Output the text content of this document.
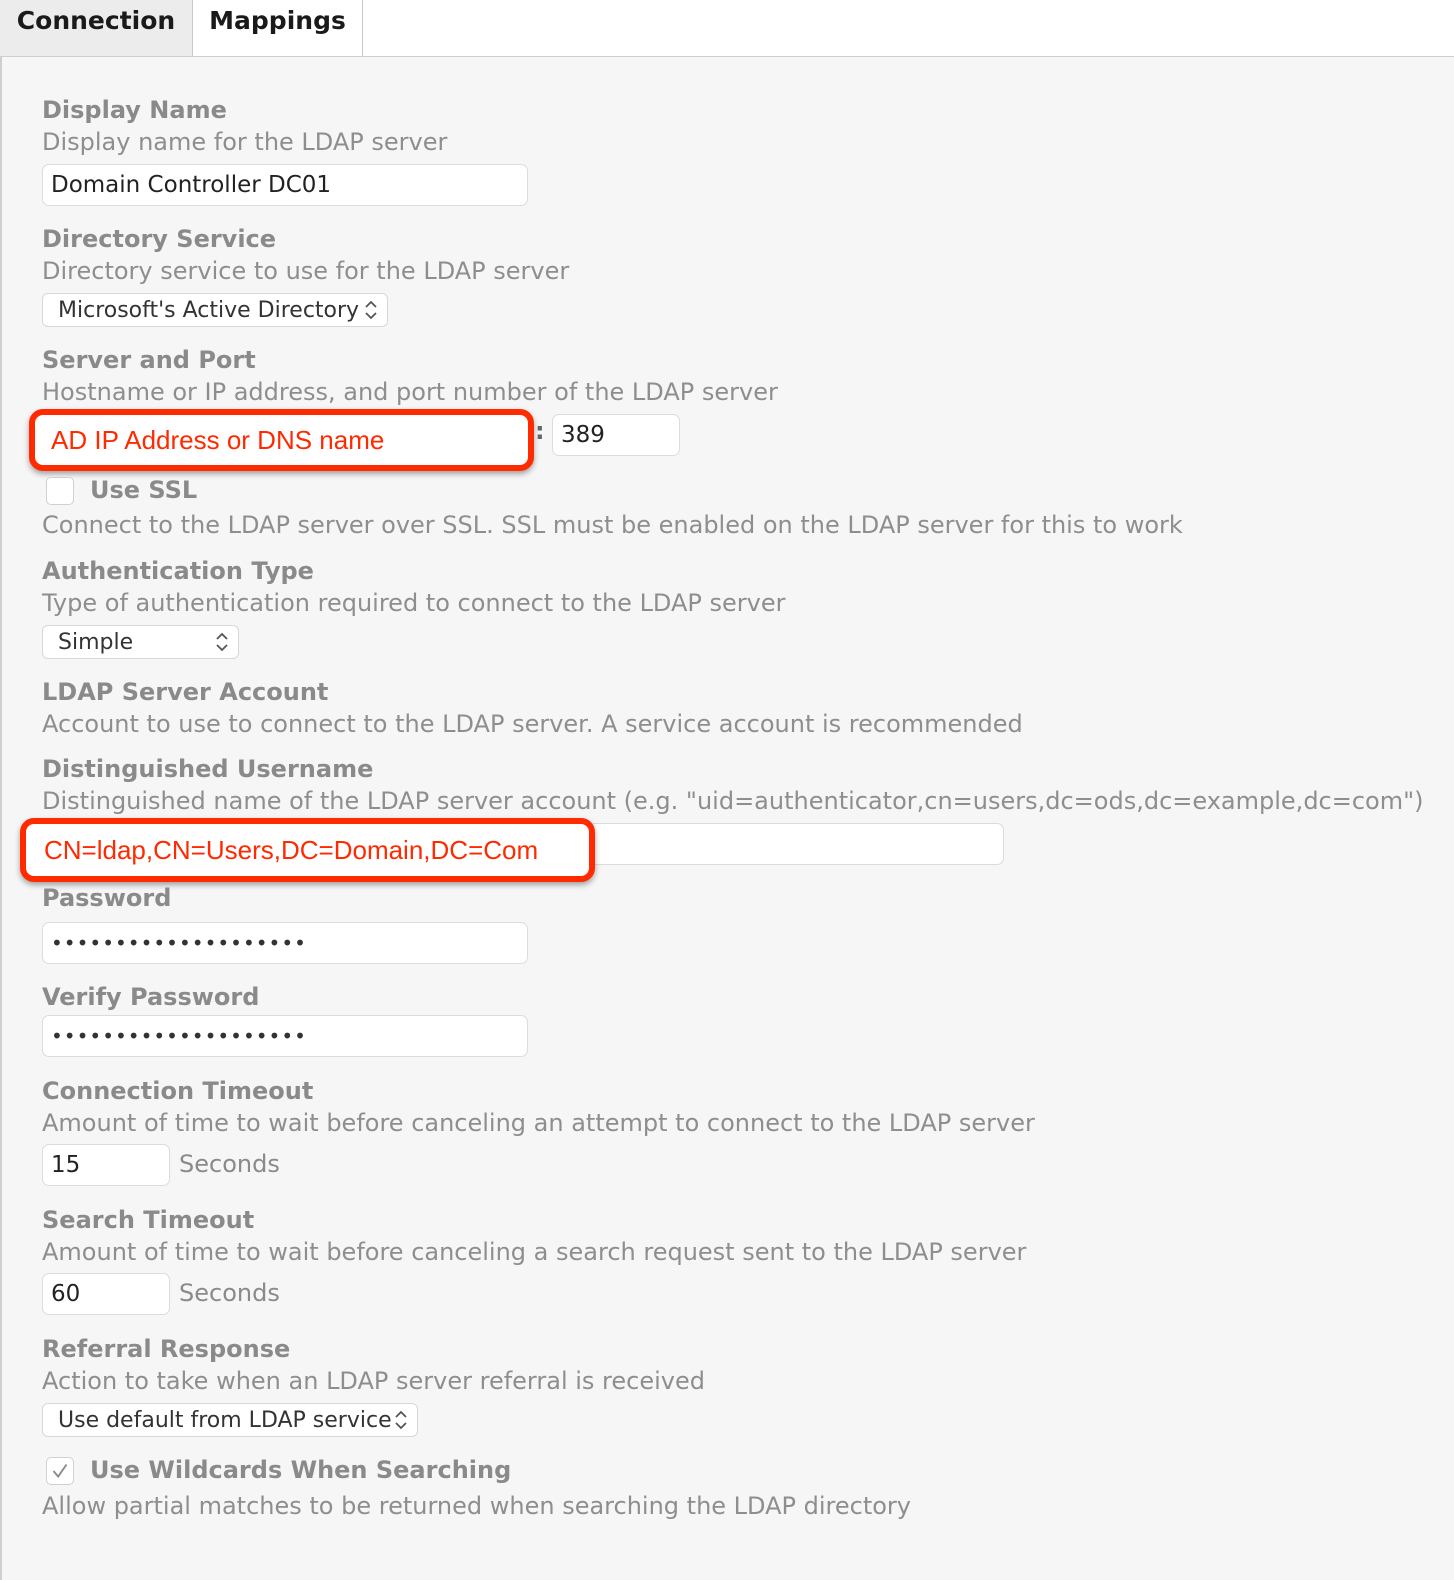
Connection	Mappings
Display Name
Display name for the LDAP server
Domain Controller DC01
Directory Service
Directory service to use for the LDAP server
Microsoft's Active Directory
Server and Port
Hostname or IP address, and port number of the LDAP server
AD IP Address or DNS name	: 389
Use SSL
Connect to the LDAP server over SSL. SSL must be enabled on the LDAP server for this to work
Authentication Type
Type of authentication required to connect to the LDAP server
Simple
LDAP Server Account
Account to use to connect to the LDAP server. A service account is recommended
Distinguished Username
Distinguished name of the LDAP server account (e.g. "uid=authenticator,cn=users,dc=ods,dc=example,dc=com")
CN=ldap,CN=Users,DC=Domain,DC=Com
Password
••••••••••••••••••••
Verify Password
••••••••••••••••••••
Connection Timeout
Amount of time to wait before canceling an attempt to connect to the LDAP server
15	Seconds
Search Timeout
Amount of time to wait before canceling a search request sent to the LDAP server
60	Seconds
Referral Response
Action to take when an LDAP server referral is received
Use default from LDAP service
Use Wildcards When Searching
Allow partial matches to be returned when searching the LDAP directory
